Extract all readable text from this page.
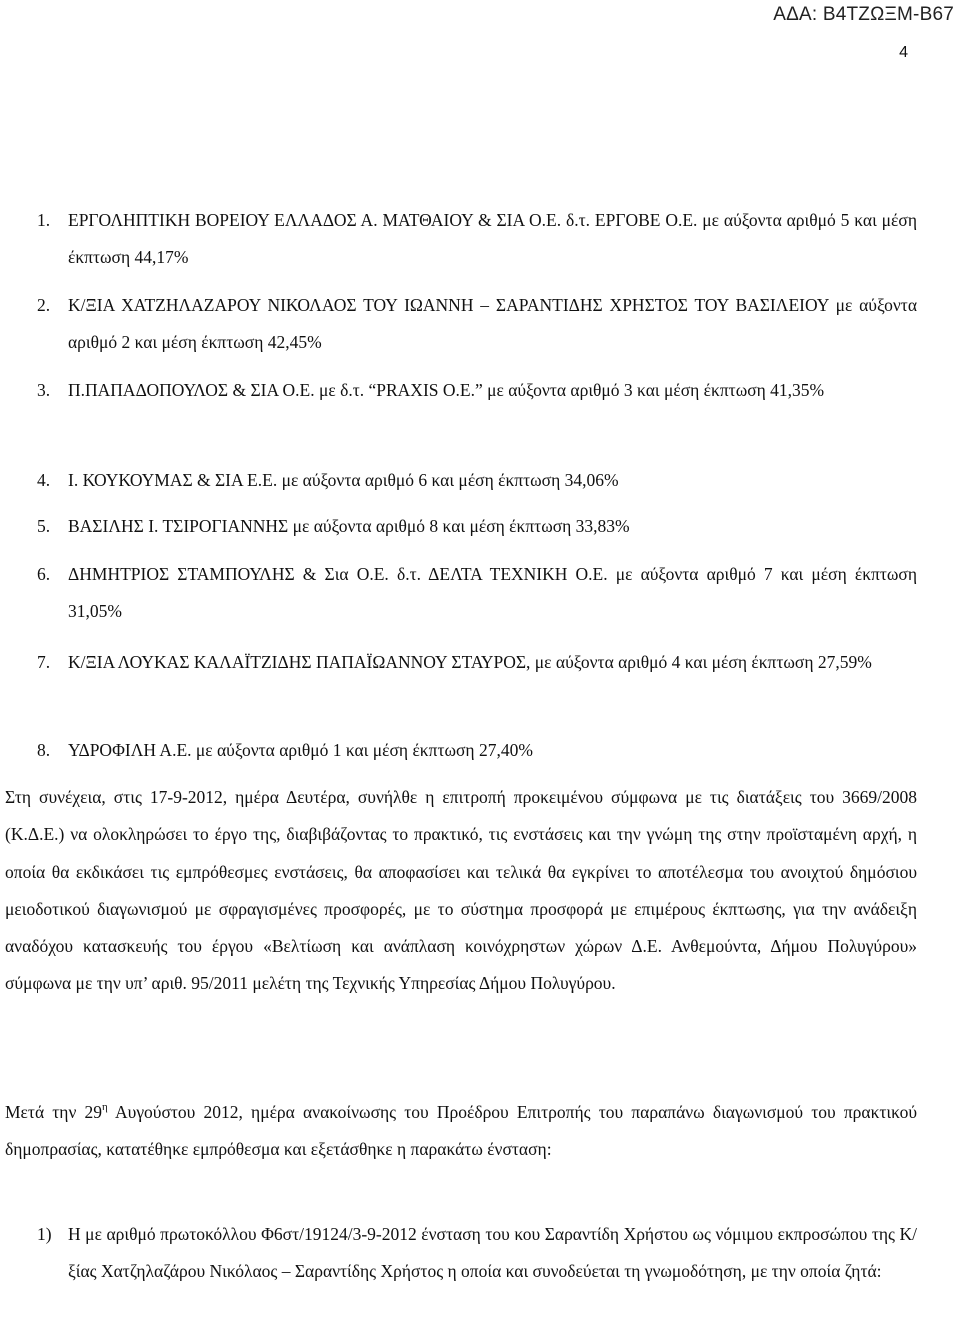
ΑΔΑ: Β4ΤΖΩΞΜ-Β67
4
1. ΕΡΓΟΛΗΠΤΙΚΗ ΒΟΡΕΙΟΥ ΕΛΛΑΔΟΣ Α. ΜΑΤΘΑΙΟΥ & ΣΙΑ Ο.Ε. δ.τ. ΕΡΓΟΒΕ Ο.Ε. με αύξοντα αριθμό 5 και μέση έκπτωση 44,17%
2. Κ/ΞΙΑ ΧΑΤΖΗΛΑΖΑΡΟΥ ΝΙΚΟΛΑΟΣ ΤΟΥ ΙΩΑΝΝΗ – ΣΑΡΑΝΤΙΔΗΣ ΧΡΗΣΤΟΣ ΤΟΥ ΒΑΣΙΛΕΙΟΥ με αύξοντα αριθμό 2 και μέση έκπτωση 42,45%
3. Π.ΠΑΠΑΔΟΠΟΥΛΟΣ & ΣΙΑ Ο.Ε. με δ.τ. “PRAXIS Ο.Ε.” με αύξοντα αριθμό 3 και μέση έκπτωση 41,35%
4. Ι. ΚΟΥΚΟΥΜΑΣ & ΣΙΑ Ε.Ε. με αύξοντα αριθμό 6 και μέση έκπτωση 34,06%
5. ΒΑΣΙΛΗΣ Ι. ΤΣΙΡΟΓΙΑΝΝΗΣ με αύξοντα αριθμό 8 και μέση έκπτωση 33,83%
6. ΔΗΜΗΤΡΙΟΣ ΣΤΑΜΠΟΥΛΗΣ & Σια Ο.Ε. δ.τ. ΔΕΛΤΑ ΤΕΧΝΙΚΗ Ο.Ε. με αύξοντα αριθμό 7 και μέση έκπτωση 31,05%
7. Κ/ΞΙΑ ΛΟΥΚΑΣ ΚΑΛΑΪΤΖΙΔΗΣ ΠΑΠΑΪΩΑΝΝΟΥ ΣΤΑΥΡΟΣ, με αύξοντα αριθμό 4 και μέση έκπτωση 27,59%
8. ΥΔΡΟΦΙΛΗ Α.Ε. με αύξοντα αριθμό 1 και μέση έκπτωση 27,40%

Στη συνέχεια, στις 17-9-2012, ημέρα Δευτέρα, συνήλθε η επιτροπή προκειμένου σύμφωνα με τις διατάξεις του 3669/2008 (Κ.Δ.Ε.) να ολοκληρώσει το έργο της, διαβιβάζοντας το πρακτικό, τις ενστάσεις και την γνώμη της στην προϊσταμένη αρχή, η οποία θα εκδικάσει τις εμπρόθεσμες ενστάσεις, θα αποφασίσει και τελικά θα εγκρίνει το αποτέλεσμα του ανοιχτού δημόσιου μειοδοτικού διαγωνισμού με σφραγισμένες προσφορές, με το σύστημα προσφορά με επιμέρους έκπτωσης, για την ανάδειξη αναδόχου κατασκευής του έργου «Βελτίωση και ανάπλαση κοινόχρηστων χώρων Δ.Ε. Ανθεμούντα, Δήμου Πολυγύρου» σύμφωνα με την υπ’ αριθ. 95/2011 μελέτη της Τεχνικής Υπηρεσίας Δήμου Πολυγύρου.

Μετά την $29^\eta$ Αυγούστου 2012, ημέρα ανακοίνωσης του Προέδρου Επιτροπής του παραπάνω διαγωνισμού του πρακτικού δημοπρασίας, κατατέθηκε εμπρόθεσμα και εξετάσθηκε η παρακάτω ένσταση:

1) Η με αριθμό πρωτοκόλλου Φ6στ/19124/3-9-2012 ένσταση του κου Σαραντίδη Χρήστου ως νόμιμου εκπροσώπου της Κ/ξίας Χατζηλαζάρου Νικόλαος – Σαραντίδης Χρήστος η οποία και συνοδεύεται τη γνωμοδότηση, με την οποία ζητά:
